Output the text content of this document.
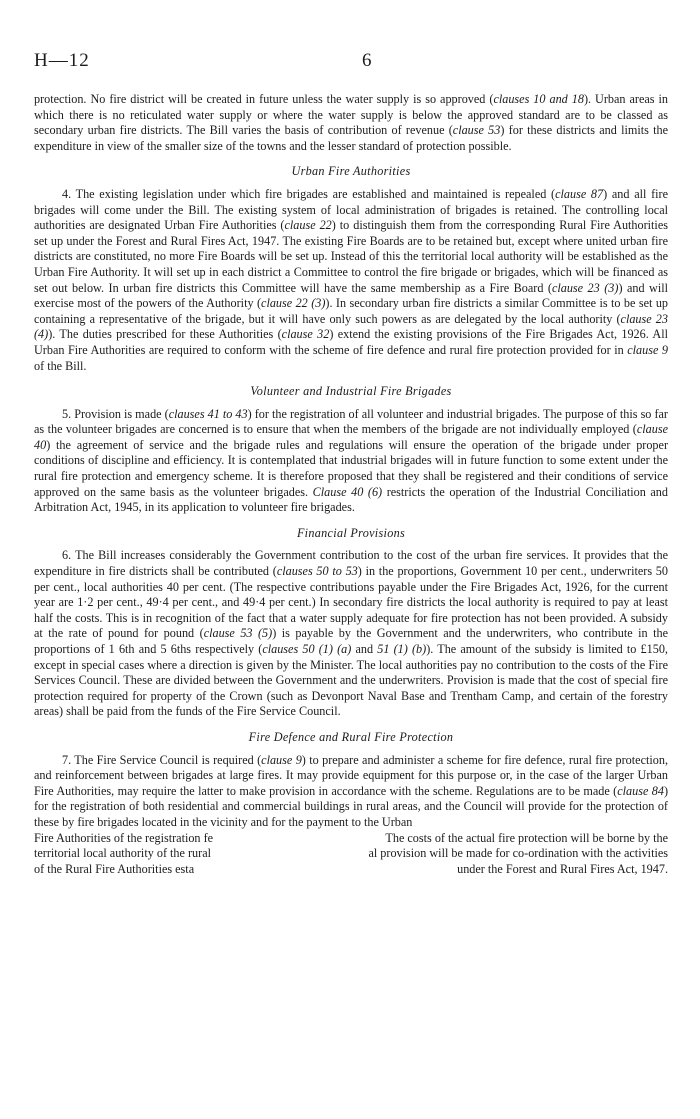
H—12	6

protection. No fire district will be created in future unless the water supply is so approved (clauses 10 and 18). Urban areas in which there is no reticulated water supply or where the water supply is below the approved standard are to be classed as secondary urban fire districts. The Bill varies the basis of contribution of revenue (clause 53) for these districts and limits the expenditure in view of the smaller size of the towns and the lesser standard of protection possible.

Urban Fire Authorities

4. The existing legislation under which fire brigades are established and maintained is repealed (clause 87) and all fire brigades will come under the Bill. The existing system of local administration of brigades is retained. The controlling local authorities are designated Urban Fire Authorities (clause 22) to distinguish them from the corresponding Rural Fire Authorities set up under the Forest and Rural Fires Act, 1947. The existing Fire Boards are to be retained but, except where united urban fire districts are constituted, no more Fire Boards will be set up. Instead of this the territorial local authority will be established as the Urban Fire Authority. It will set up in each district a Committee to control the fire brigade or brigades, which will be financed as set out below. In urban fire districts this Committee will have the same membership as a Fire Board (clause 23 (3)) and will exercise most of the powers of the Authority (clause 22 (3)). In secondary urban fire districts a similar Committee is to be set up containing a representative of the brigade, but it will have only such powers as are delegated by the local authority (clause 23 (4)). The duties prescribed for these Authorities (clause 32) extend the existing provisions of the Fire Brigades Act, 1926. All Urban Fire Authorities are required to conform with the scheme of fire defence and rural fire protection provided for in clause 9 of the Bill.

Volunteer and Industrial Fire Brigades

5. Provision is made (clauses 41 to 43) for the registration of all volunteer and industrial brigades. The purpose of this so far as the volunteer brigades are concerned is to ensure that when the members of the brigade are not individually employed (clause 40) the agreement of service and the brigade rules and regulations will ensure the operation of the brigade under proper conditions of discipline and efficiency. It is contemplated that industrial brigades will in future function to some extent under the rural fire protection and emergency scheme. It is therefore proposed that they shall be registered and their conditions of service approved on the same basis as the volunteer brigades. Clause 40 (6) restricts the operation of the Industrial Conciliation and Arbitration Act, 1945, in its application to volunteer fire brigades.

Financial Provisions

6. The Bill increases considerably the Government contribution to the cost of the urban fire services. It provides that the expenditure in fire districts shall be contributed (clauses 50 to 53) in the proportions, Government 10 per cent., underwriters 50 per cent., local authorities 40 per cent. (The respective contributions payable under the Fire Brigades Act, 1926, for the current year are 1·2 per cent., 49·4 per cent., and 49·4 per cent.) In secondary fire districts the local authority is required to pay at least half the costs. This is in recognition of the fact that a water supply adequate for fire protection has not been provided. A subsidy at the rate of pound for pound (clause 53 (5)) is payable by the Government and the underwriters, who contribute in the proportions of 1 6th and 5 6ths respectively (clauses 50 (1) (a) and 51 (1) (b)). The amount of the subsidy is limited to £150, except in special cases where a direction is given by the Minister. The local authorities pay no contribution to the costs of the Fire Services Council. These are divided between the Government and the underwriters. Provision is made that the cost of special fire protection required for property of the Crown (such as Devonport Naval Base and Trentham Camp, and certain of the forestry areas) shall be paid from the funds of the Fire Service Council.

Fire Defence and Rural Fire Protection

7. The Fire Service Council is required (clause 9) to prepare and administer a scheme for fire defence, rural fire protection, and reinforcement between brigades at large fires. It may provide equipment for this purpose or, in the case of the larger Urban Fire Authorities, may require the latter to make provision in accordance with the scheme. Regulations are to be made (clause 84) for the registration of both residential and commercial buildings in rural areas, and the Council will provide for the protection of these by fire brigades located in the vicinity and for the payment to the Urban

Fire Authorities of the registration fe	The costs of the actual fire protection will be borne by the
territorial local authority of the rural	al provision will be made for co-ordination with the activities
of the Rural Fire Authorities esta	under the Forest and Rural Fires Act, 1947.
